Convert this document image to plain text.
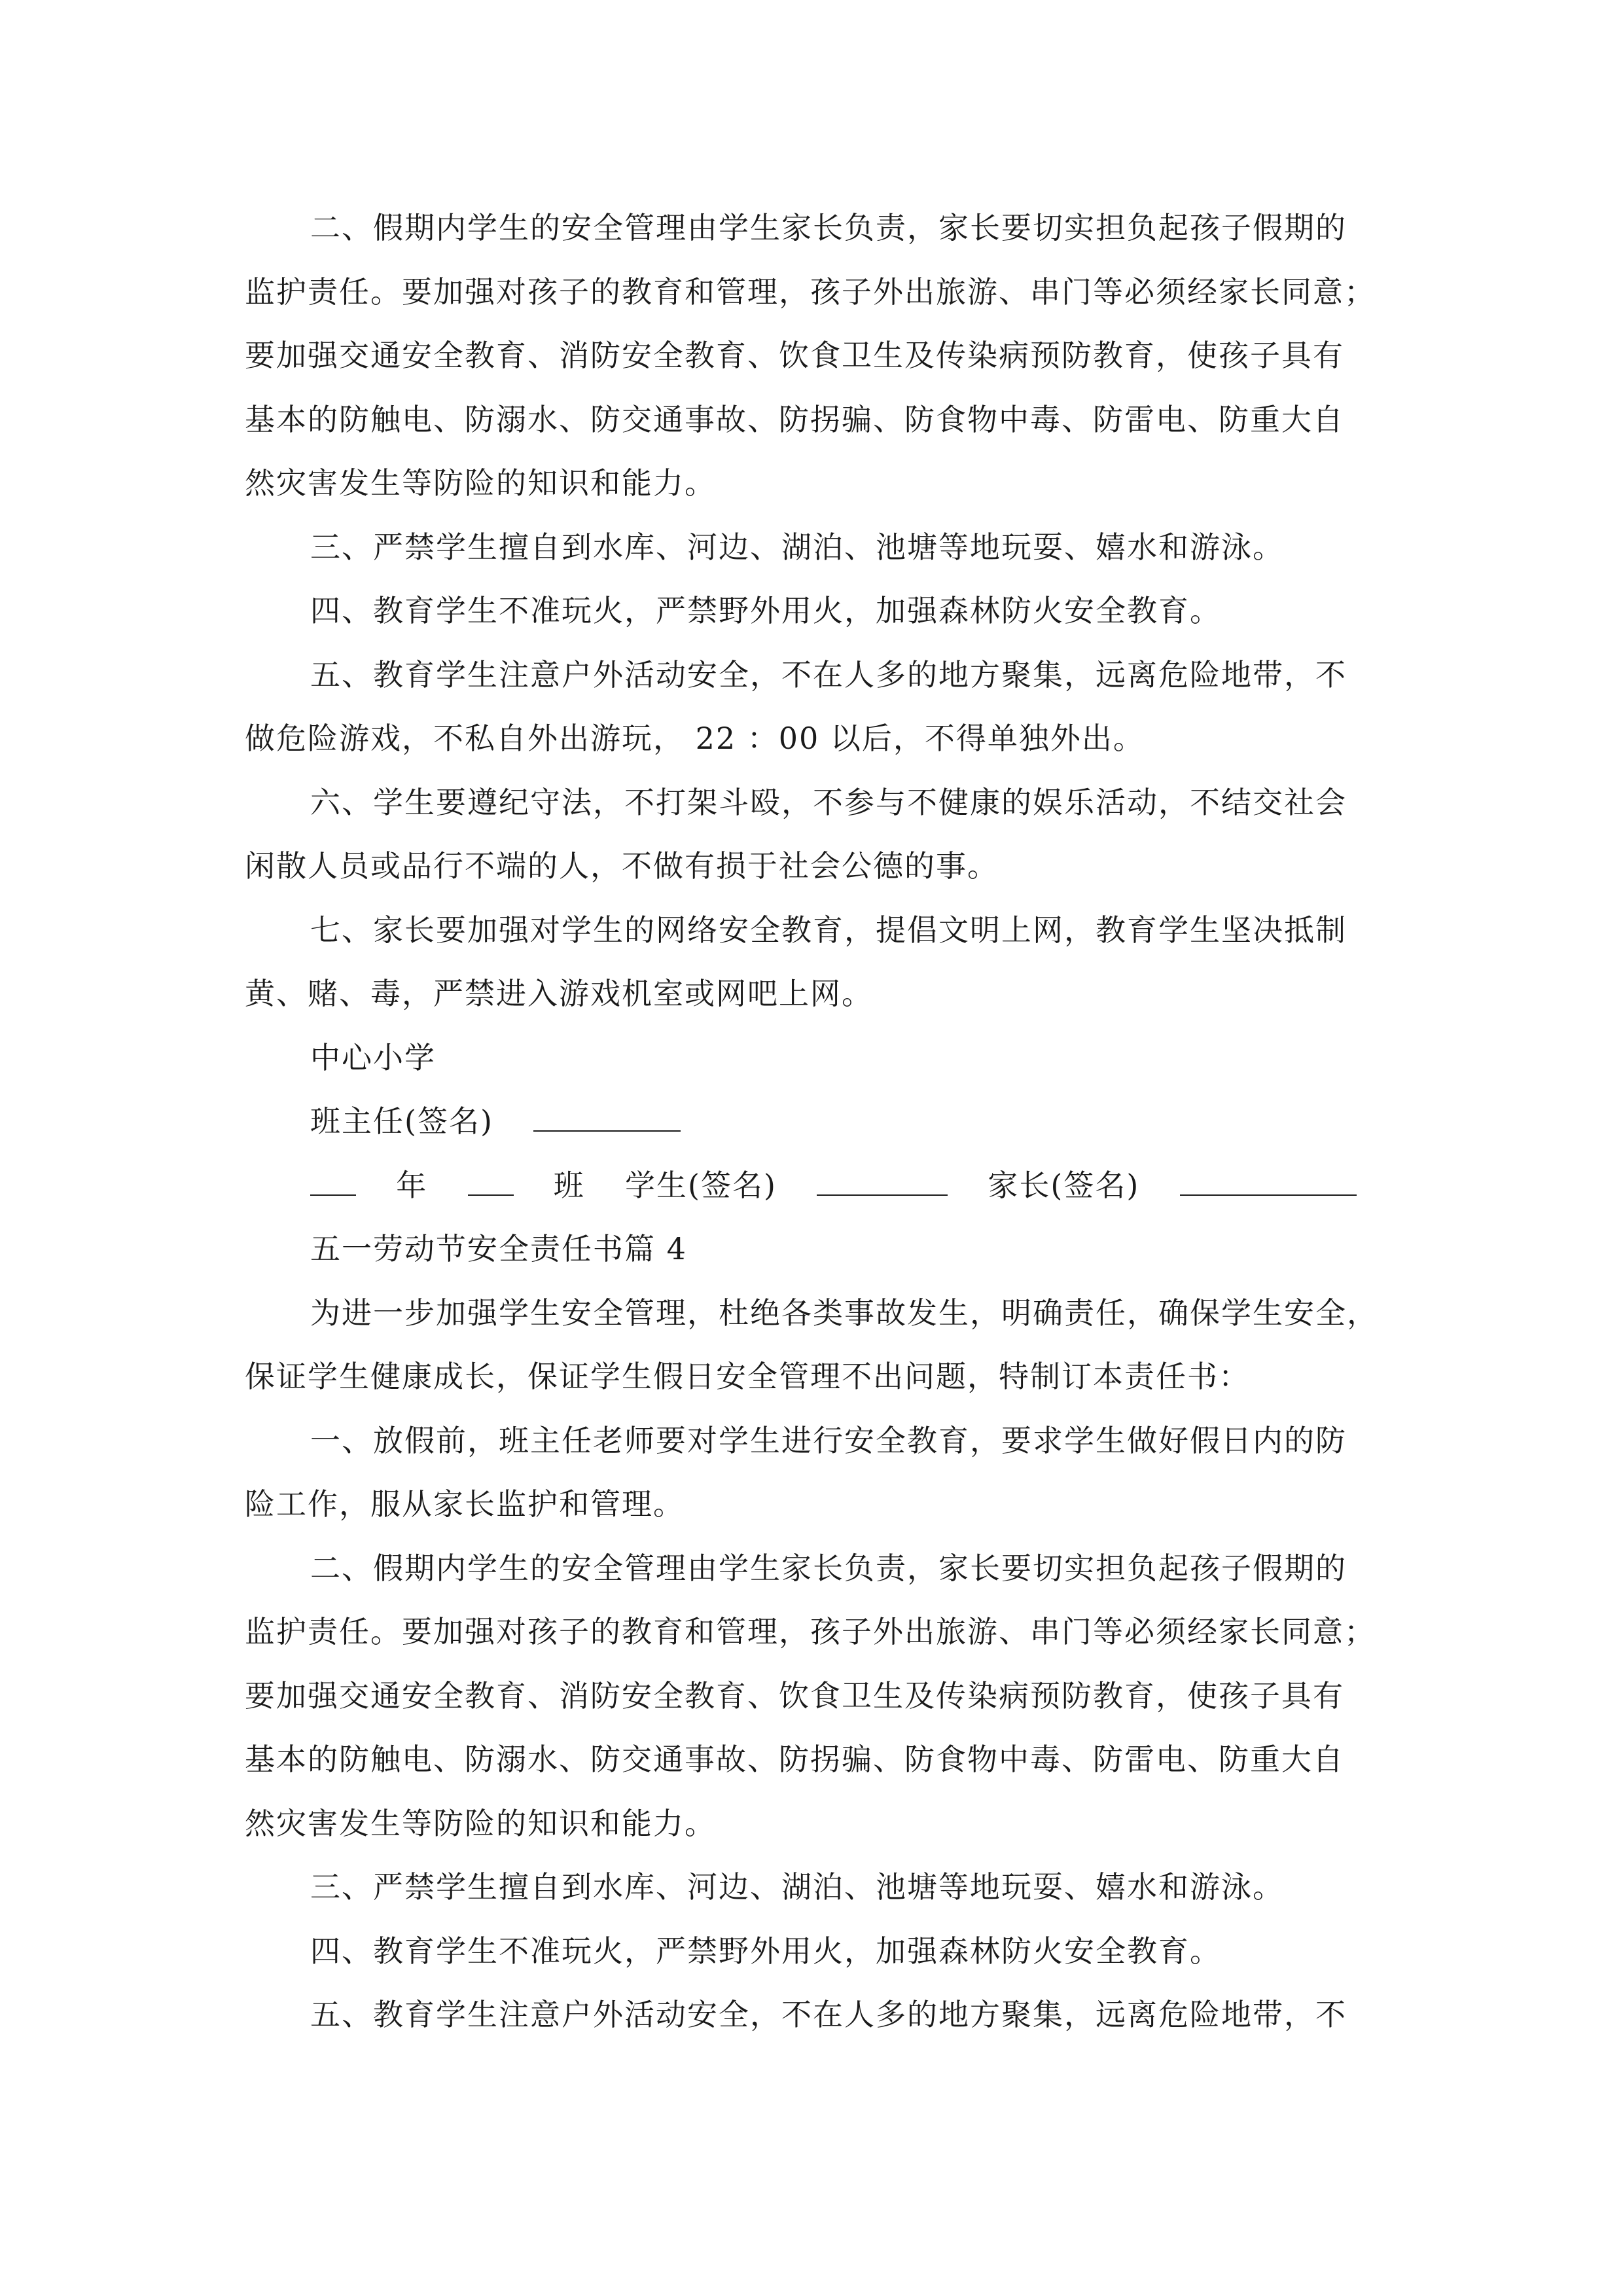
二、假期内学生的安全管理由学生家长负责，家长要切实担负起孩子假期的
监护责任。要加强对孩子的教育和管理，孩子外出旅游、串门等必须经家长同意；
要加强交通安全教育、消防安全教育、饮食卫生及传染病预防教育，使孩子具有
基本的防触电、防溺水、防交通事故、防拐骗、防食物中毒、防雷电、防重大自
然灾害发生等防险的知识和能力。
三、严禁学生擅自到水库、河边、湖泊、池塘等地玩耍、嬉水和游泳。
四、教育学生不准玩火，严禁野外用火，加强森林防火安全教育。
五、教育学生注意户外活动安全，不在人多的地方聚集，远离危险地带，不
做危险游戏，不私自外出游玩， 22 ：00 以后，不得单独外出。
六、学生要遵纪守法，不打架斗殴，不参与不健康的娱乐活动，不结交社会
闲散人员或品行不端的人，不做有损于社会公德的事。
七、家长要加强对学生的网络安全教育，提倡文明上网，教育学生坚决抵制
黄、赌、毒，严禁进入游戏机室或网吧上网。
中心小学
班主任(签名)
年	班 学生(签名)	家长(签名)
五一劳动节安全责任书篇 4
为进一步加强学生安全管理，杜绝各类事故发生，明确责任，确保学生安全，
保证学生健康成长，保证学生假日安全管理不出问题，特制订本责任书：
一、放假前，班主任老师要对学生进行安全教育，要求学生做好假日内的防
险工作，服从家长监护和管理。
二、假期内学生的安全管理由学生家长负责，家长要切实担负起孩子假期的
监护责任。要加强对孩子的教育和管理，孩子外出旅游、串门等必须经家长同意；
要加强交通安全教育、消防安全教育、饮食卫生及传染病预防教育，使孩子具有
基本的防触电、防溺水、防交通事故、防拐骗、防食物中毒、防雷电、防重大自
然灾害发生等防险的知识和能力。
三、严禁学生擅自到水库、河边、湖泊、池塘等地玩耍、嬉水和游泳。
四、教育学生不准玩火，严禁野外用火，加强森林防火安全教育。
五、教育学生注意户外活动安全，不在人多的地方聚集，远离危险地带，不
